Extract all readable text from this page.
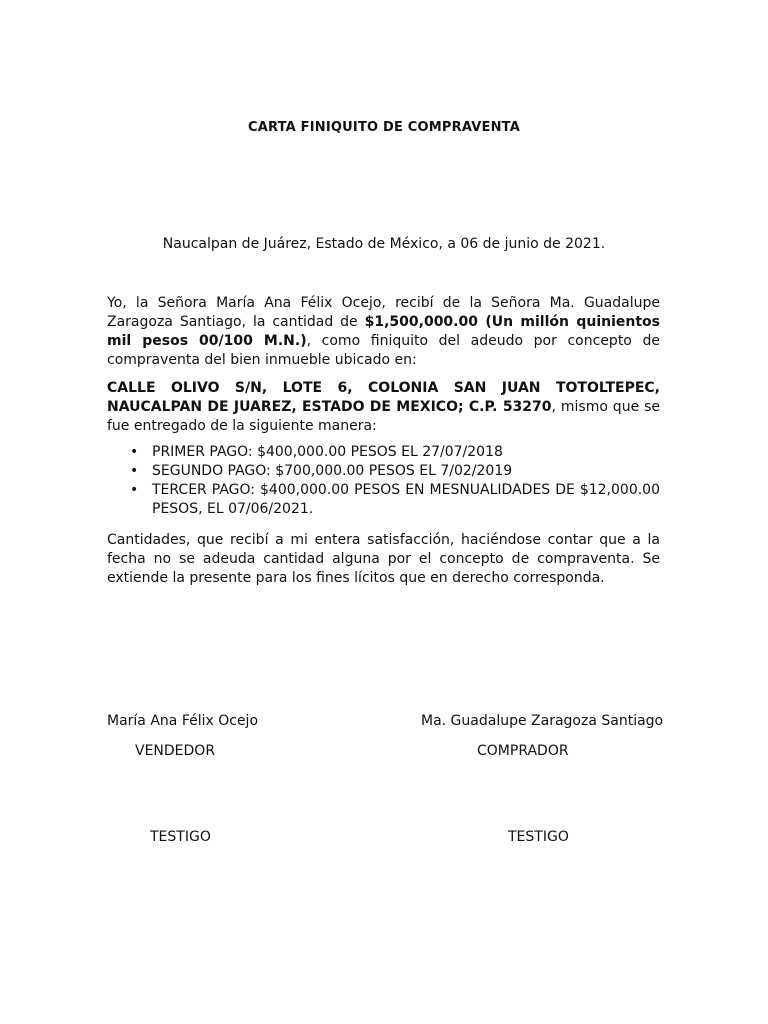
CARTA FINIQUITO DE COMPRAVENTA
Naucalpan de Juárez, Estado de México, a 06 de junio de 2021.
Yo, la Señora María Ana Félix Ocejo, recibí de la Señora Ma. Guadalupe Zaragoza Santiago, la cantidad de $1,500,000.00 (Un millón quinientos mil pesos 00/100 M.N.), como finiquito del adeudo por concepto de compraventa del bien inmueble ubicado en:
CALLE OLIVO S/N, LOTE 6, COLONIA SAN JUAN TOTOLTEPEC, NAUCALPAN DE JUAREZ, ESTADO DE MEXICO; C.P. 53270, mismo que se fue entregado de la siguiente manera:
• PRIMER PAGO: $400,000.00 PESOS EL 27/07/2018
• SEGUNDO PAGO: $700,000.00 PESOS EL 7/02/2019
• TERCER PAGO: $400,000.00 PESOS EN MESNUALIDADES DE $12,000.00 PESOS, EL 07/06/2021.
Cantidades, que recibí a mi entera satisfacción, haciéndose contar que a la fecha no se adeuda cantidad alguna por el concepto de compraventa. Se extiende la presente para los fines lícitos que en derecho corresponda.
María Ana Félix Ocejo	Ma. Guadalupe Zaragoza Santiago
VENDEDOR	COMPRADOR
TESTIGO	TESTIGO
